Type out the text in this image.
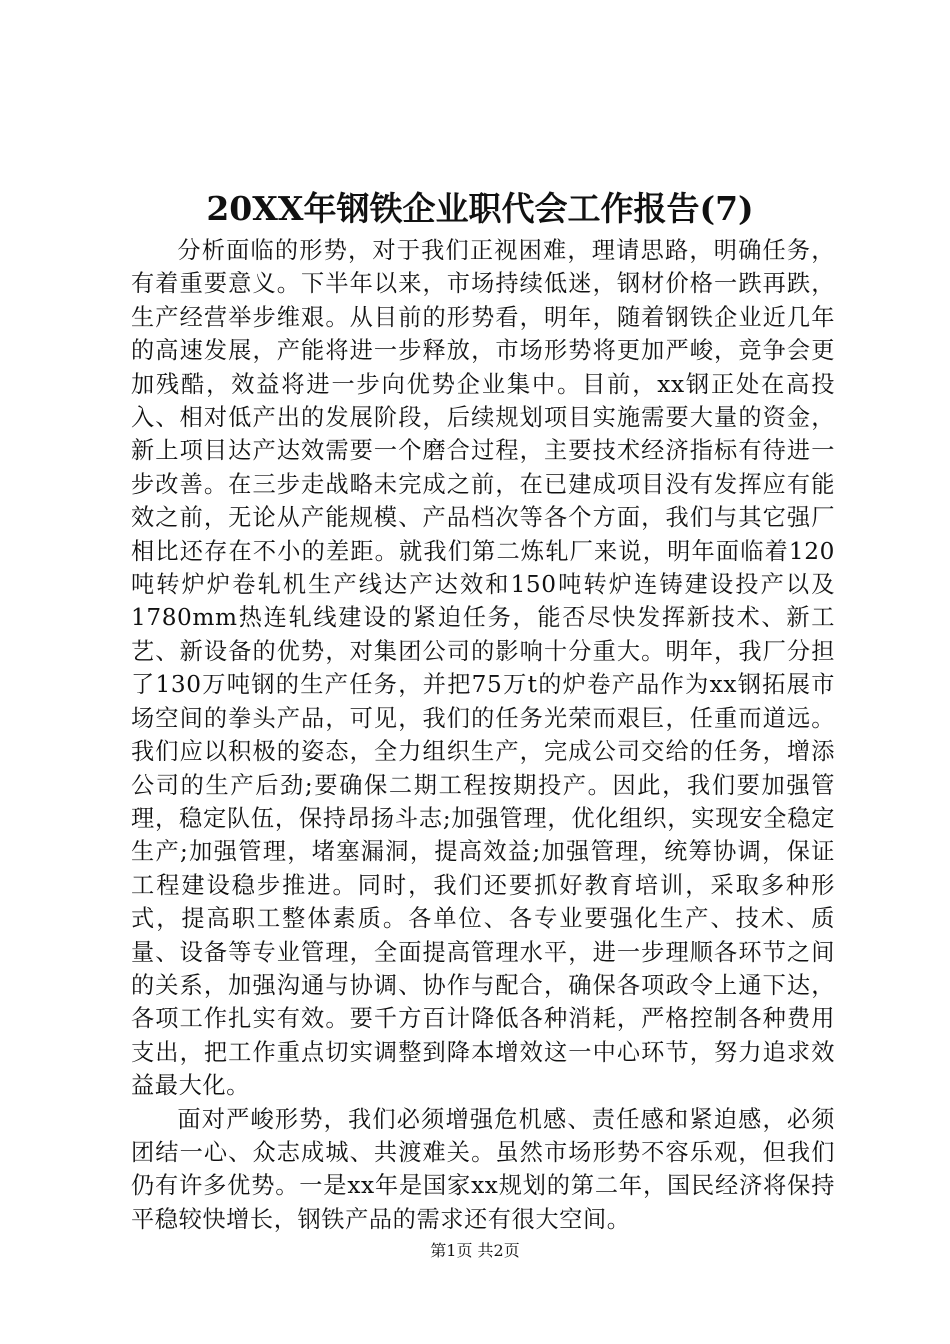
20XX年钢铁企业职代会工作报告(7)

分析面临的形势，对于我们正视困难，理请思路，明确任务，有着重要意义。下半年以来，市场持续低迷，钢材价格一跌再跌，生产经营举步维艰。从目前的形势看，明年，随着钢铁企业近几年的高速发展，产能将进一步释放，市场形势将更加严峻，竞争会更加残酷，效益将进一步向优势企业集中。目前，xx钢正处在高投入、相对低产出的发展阶段，后续规划项目实施需要大量的资金，新上项目达产达效需要一个磨合过程，主要技术经济指标有待进一步改善。在三步走战略未完成之前，在已建成项目没有发挥应有能效之前，无论从产能规模、产品档次等各个方面，我们与其它强厂相比还存在不小的差距。就我们第二炼轧厂来说，明年面临着120吨转炉炉卷轧机生产线达产达效和150吨转炉连铸建设投产以及1780mm热连轧线建设的紧迫任务，能否尽快发挥新技术、新工艺、新设备的优势，对集团公司的影响十分重大。明年，我厂分担了130万吨钢的生产任务，并把75万t的炉卷产品作为xx钢拓展市场空间的拳头产品，可见，我们的任务光荣而艰巨，任重而道远。我们应以积极的姿态，全力组织生产，完成公司交给的任务，增添公司的生产后劲;要确保二期工程按期投产。因此，我们要加强管理，稳定队伍，保持昂扬斗志;加强管理，优化组织，实现安全稳定生产;加强管理，堵塞漏洞，提高效益;加强管理，统筹协调，保证工程建设稳步推进。同时，我们还要抓好教育培训，采取多种形式，提高职工整体素质。各单位、各专业要强化生产、技术、质量、设备等专业管理，全面提高管理水平，进一步理顺各环节之间的关系，加强沟通与协调、协作与配合，确保各项政令上通下达，各项工作扎实有效。要千方百计降低各种消耗，严格控制各种费用支出，把工作重点切实调整到降本增效这一中心环节，努力追求效益最大化。

面对严峻形势，我们必须增强危机感、责任感和紧迫感，必须团结一心、众志成城、共渡难关。虽然市场形势不容乐观，但我们仍有许多优势。一是xx年是国家xx规划的第二年，国民经济将保持平稳较快增长，钢铁产品的需求还有很大空间。

第1页 共2页
